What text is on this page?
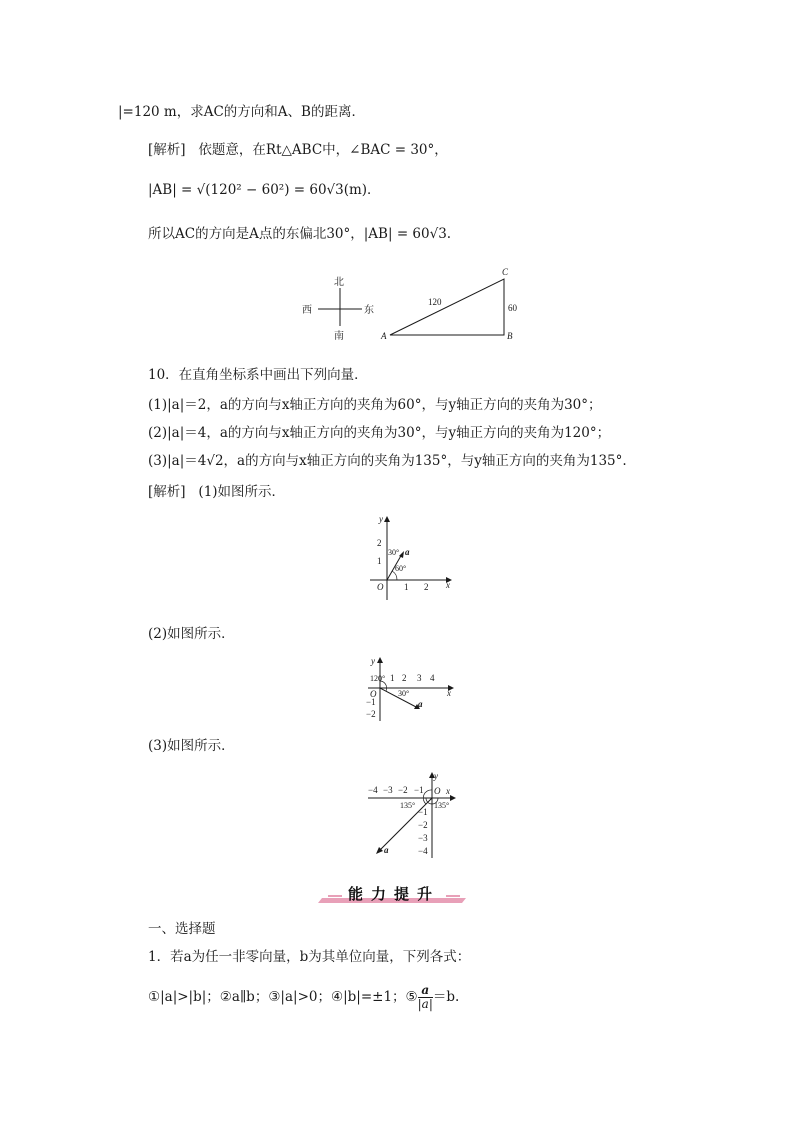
|=120 m，求AC的方向和A、B的距离．
[解析] 依题意，在Rt△ABC中，∠BAC = 30°，
|AB| = √(120² − 60²) = 60√3(m)．
所以AC的方向是A点的东偏北30°，|AB| = 60√3.
北
南
西	东
A	B
C
120
60
10．在直角坐标系中画出下列向量．
(1)|a|＝2，a的方向与x轴正方向的夹角为60°，与y轴正方向的夹角为30°；
(2)|a|＝4，a的方向与x轴正方向的夹角为30°，与y轴正方向的夹角为120°；
(3)|a|＝4√2，a的方向与x轴正方向的夹角为135°，与y轴正方向的夹角为135°.
[解析] (1)如图所示．
y
x
O 1 2
1
2
30°
60°
a
(2)如图所示．
y
x
O
120° 1 2 3 4
30°
−1
−2
a
(3)如图所示．
y
x
O
−4 −3 −2 −1
135° 135°
−1
−2
−3
−4
a
能力提升
一、选择题
1．若a为任一非零向量，b为其单位向量，下列各式：
①|a|>|b|；②a∥b；③|a|>0；④|b|=±1；⑤ $\frac{a}{|a|} =b$.
